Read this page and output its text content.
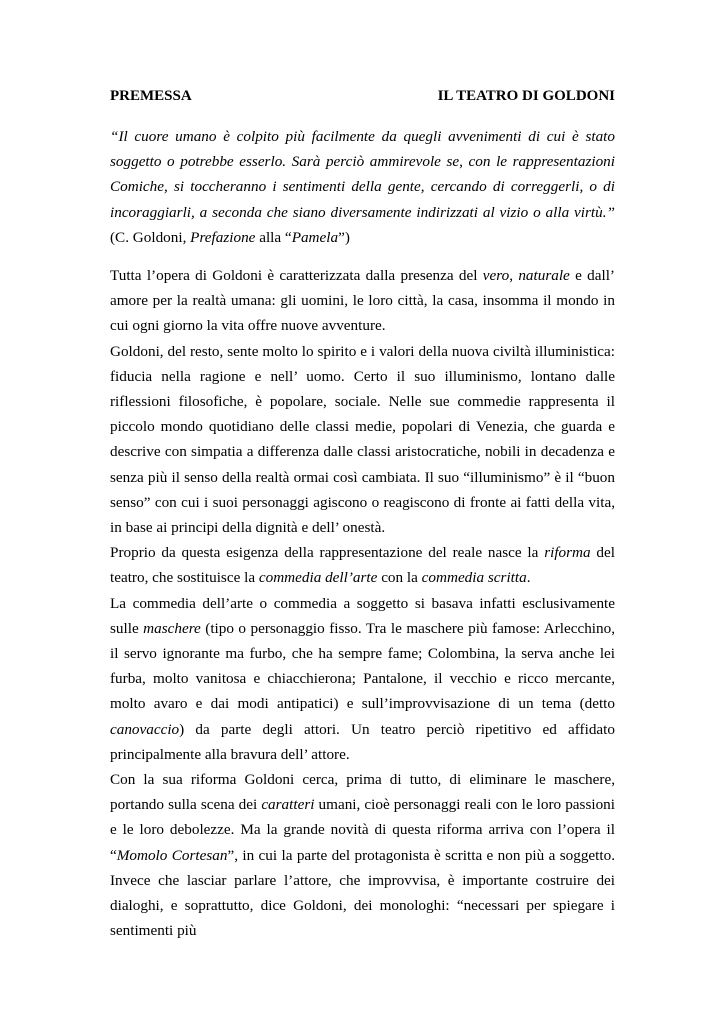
PREMESSA	IL TEATRO DI GOLDONI

“Il cuore umano è colpito più facilmente da quegli avvenimenti di cui è stato soggetto o potrebbe esserlo. Sarà perciò ammirevole se, con le rappresentazioni Comiche, si toccheranno i sentimenti della gente, cercando di correggerli, o di incoraggiarli, a seconda che siano diversamente indirizzati al vizio o alla virtù.” (C. Goldoni, Prefazione alla “Pamela”)

Tutta l’opera di Goldoni è caratterizzata dalla presenza del vero, naturale e dall’ amore per la realtà umana: gli uomini, le loro città, la casa, insomma il mondo in cui ogni giorno la vita offre nuove avventure.

Goldoni, del resto, sente molto lo spirito e i valori della nuova civiltà illuministica: fiducia nella ragione e nell’ uomo. Certo il suo illuminismo, lontano dalle riflessioni filosofiche, è popolare, sociale. Nelle sue commedie rappresenta il piccolo mondo quotidiano delle classi medie, popolari di Venezia, che guarda e descrive con simpatia a differenza dalle classi aristocratiche, nobili in decadenza e senza più il senso della realtà ormai così cambiata. Il suo “illuminismo” è il “buon senso” con cui i suoi personaggi agiscono o reagiscono di fronte ai fatti della vita, in base ai principi della dignità e dell’ onestà.

Proprio da questa esigenza della rappresentazione del reale nasce la riforma del teatro, che sostituisce la commedia dell’arte con la commedia scritta.

La commedia dell’arte o commedia a soggetto si basava infatti esclusivamente sulle maschere (tipo o personaggio fisso. Tra le maschere più famose: Arlecchino, il servo ignorante ma furbo, che ha sempre fame; Colombina, la serva anche lei furba, molto vanitosa e chiacchierona; Pantalone, il vecchio e ricco mercante, molto avaro e dai modi antipatici) e sull’improvvisazione di un tema (detto canovaccio) da parte degli attori. Un teatro perciò ripetitivo ed affidato principalmente alla bravura dell’ attore.

Con la sua riforma Goldoni cerca, prima di tutto, di eliminare le maschere, portando sulla scena dei caratteri umani, cioè personaggi reali con le loro passioni e le loro debolezze. Ma la grande novità di questa riforma arriva con l’opera il “Momolo Cortesan”, in cui la parte del protagonista è scritta e non più a soggetto. Invece che lasciar parlare l’attore, che improvvisa, è importante costruire dei dialoghi, e soprattutto, dice Goldoni, dei monologhi: “necessari per spiegare i sentimenti più
